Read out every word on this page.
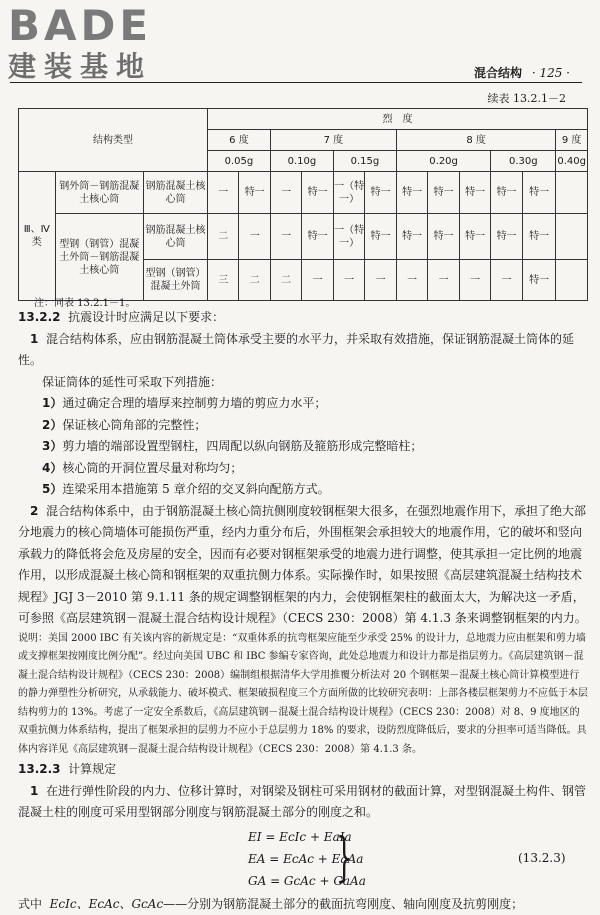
BADE
建装基地	混合结构 · 125 ·
续表 13.2.1－2
结构类型			烈　度											
			6 度		7 度				8 度					9 度
			0.05g		0.10g		0.15g		0.20g			0.30g		0.40g
Ⅲ、Ⅳ类	钢外筒－钢筋混凝土核心筒	钢筋混凝土核心筒	一	特一	一	特一	一（特一）	特一	特一	特一	特一	特一	特一	
	型钢（钢管）混凝土外筒－钢筋混凝土核心筒	钢筋混凝土核心筒	二	一	一	特一	一（特一）	特一	特一	特一	特一	特一	特一	
		型钢（钢管）混凝土外筒	三	二	二	一	一	一	一	一	一	一	特一	
注：同表 13.2.1－1。

13.2.2 抗震设计时应满足以下要求：

1 混合结构体系，应由钢筋混凝土筒体承受主要的水平力，并采取有效措施，保证钢筋混凝土筒体的延性。

保证筒体的延性可采取下列措施：

1）通过确定合理的墙厚来控制剪力墙的剪应力水平；

2）保证核心筒角部的完整性；

3）剪力墙的端部设置型钢柱，四周配以纵向钢筋及箍筋形成完整暗柱；

4）核心筒的开洞位置尽量对称均匀；

5）连梁采用本措施第 5 章介绍的交叉斜向配筋方式。

2 混合结构体系中，由于钢筋混凝土核心筒抗侧刚度较钢框架大很多，在强烈地震作用下，承担了绝大部分地震力的核心筒墙体可能损伤严重，经内力重分布后，外围框架会承担较大的地震作用，它的破坏和竖向承载力的降低将会危及房屋的安全，因而有必要对钢框架承受的地震力进行调整，使其承担一定比例的地震作用，以形成混凝土核心筒和钢框架的双重抗侧力体系。实际操作时，如果按照《高层建筑混凝土结构技术规程》JGJ 3－2010 第 9.1.11 条的规定调整钢框架的内力，会使钢框架柱的截面太大，为解决这一矛盾，可参照《高层建筑钢－混凝土混合结构设计规程》（CECS 230：2008）第 4.1.3 条来调整钢框架的内力。

说明：美国 2000 IBC 有关该内容的新规定是：“双重体系的抗弯框架应能至少承受 25% 的设计力，总地震力应由框架和剪力墙或支撑框架按刚度比例分配”。经过向美国 UBC 和 IBC 参编专家咨询，此处总地震力和设计力都是指层剪力。《高层建筑钢－混凝土混合结构设计规程》（CECS 230：2008）编制组根据清华大学用推覆分析法对 20 个钢框架－混凝土核心筒计算模型进行的静力弹塑性分析研究，从承载能力、破坏模式、框架破损程度三个方面所做的比较研究表明：上部各楼层框架剪力不应低于本层结构剪力的 13%。考虑了一定安全系数后，《高层建筑钢－混凝土混合结构设计规程》（CECS 230：2008）对 8、9 度地区的双重抗侧力体系结构，提出了框架承担的层剪力不应小于总层剪力 18% 的要求，设防烈度降低后，要求的分担率可适当降低。具体内容详见《高层建筑钢－混凝土混合结构设计规程》（CECS 230：2008）第 4.1.3 条。

13.2.3 计算规定

1 在进行弹性阶段的内力、位移计算时，对钢梁及钢柱可采用钢材的截面计算，对型钢混凝土构件、钢管混凝土柱的刚度可采用型钢部分刚度与钢筋混凝土部分的刚度之和。

EI = EcIc + EaIa
EA = EcAc + EaAa
GA = GcAc + GaAa
}	(13.2.3)

式中 EcIc、EcAc、GcAc——分别为钢筋混凝土部分的截面抗弯刚度、轴向刚度及抗剪刚度；
